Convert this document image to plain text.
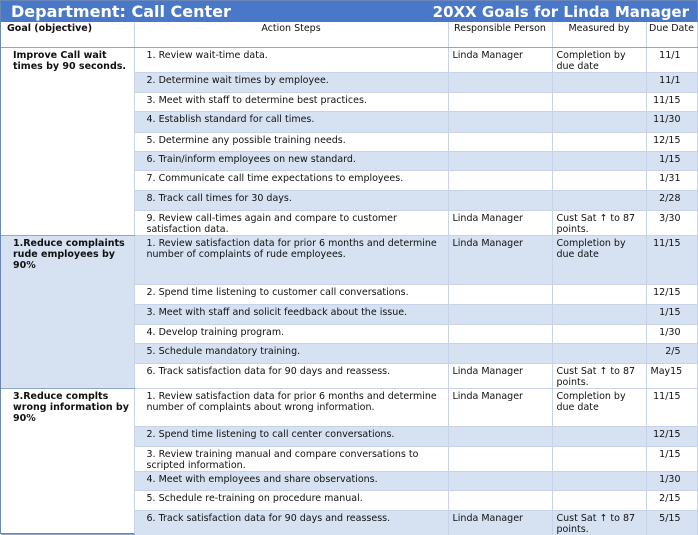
Department: Call Center	20XX Goals for Linda Manager
Goal (objective)	Action Steps	Responsible Person	Measured by	Due Date
Improve Call wait times by 90 seconds.	1. Review wait-time data.	Linda Manager	Completion by due date	11/1
	2. Determine wait times by employee.			11/1
	3. Meet with staff to determine best practices.			11/15
	4. Establish standard for call times.			11/30
	5. Determine any possible training needs.			12/15
	6. Train/inform employees on new standard.			1/15
	7. Communicate call time expectations to employees.			1/31
	8. Track call times for 30 days.			2/28
	9. Review call-times again and compare to customer satisfaction data.	Linda Manager	Cust Sat ↑ to 87 points.	3/30
1.Reduce complaints rude employees by 90%	1. Review satisfaction data for prior 6 months and determine number of complaints of rude employees.	Linda Manager	Completion by due date	11/15
	2. Spend time listening to customer call conversations.			12/15
	3. Meet with staff and solicit feedback about the issue.			1/15
	4. Develop training program.			1/30
	5. Schedule mandatory training.			2/5
	6. Track satisfaction data for 90 days and reassess.	Linda Manager	Cust Sat ↑ to 87 points.	May15
3.Reduce complts wrong information by 90%	1. Review satisfaction data for prior 6 months and determine number of complaints about wrong information.	Linda Manager	Completion by due date	11/15
	2. Spend time listening to call center conversations.			12/15
	3. Review training manual and compare conversations to scripted information.			1/15
	4. Meet with employees and share observations.			1/30
	5. Schedule re-training on procedure manual.			2/15
	6. Track satisfaction data for 90 days and reassess.	Linda Manager	Cust Sat ↑ to 87 points.	5/15
